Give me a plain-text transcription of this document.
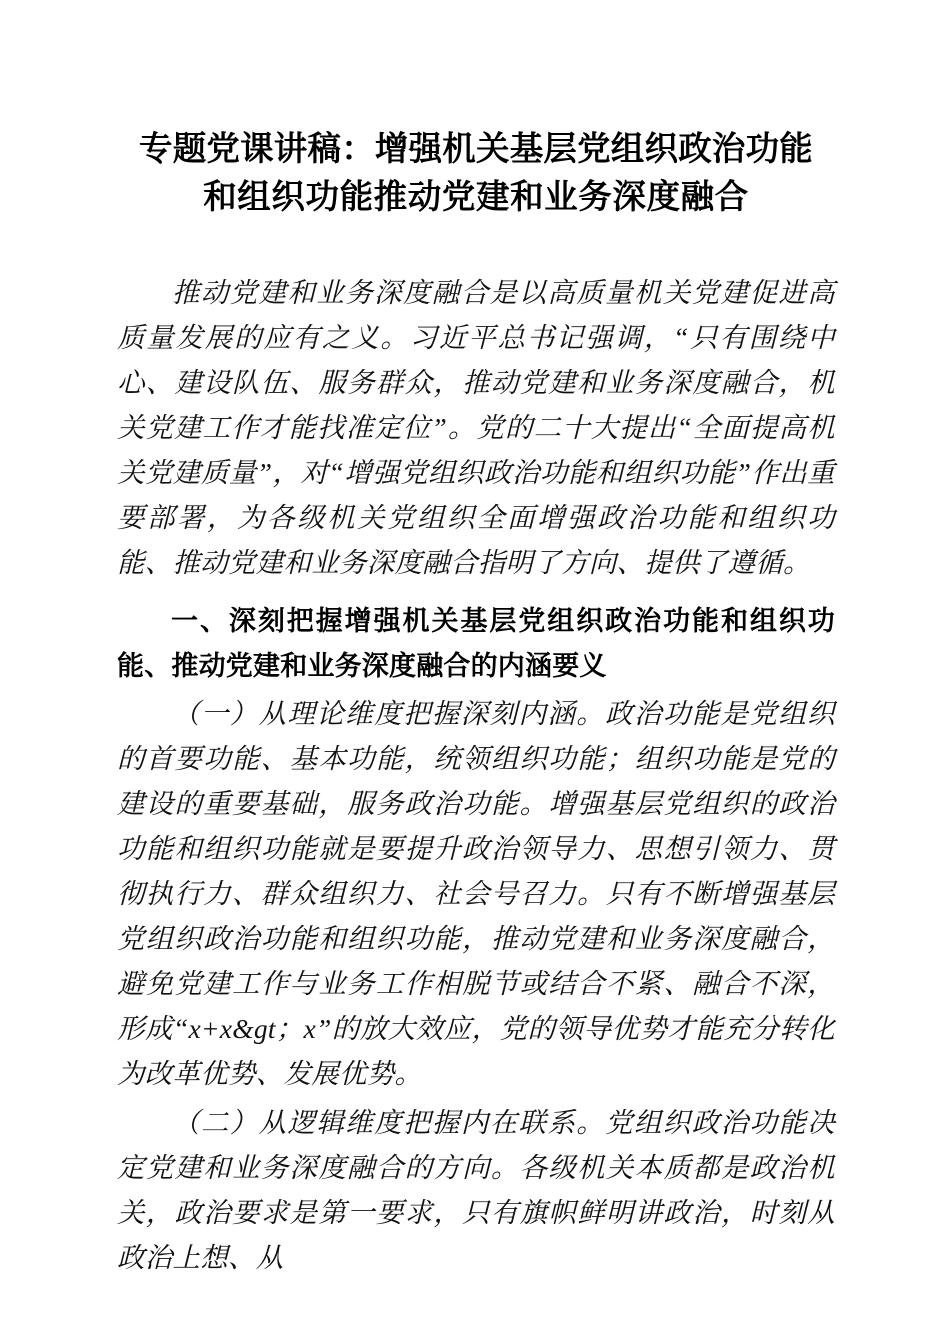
专题党课讲稿：增强机关基层党组织政治功能
和组织功能推动党建和业务深度融合

推动党建和业务深度融合是以高质量机关党建促进高质量发展的应有之义。习近平总书记强调，“只有围绕中心、建设队伍、服务群众，推动党建和业务深度融合，机关党建工作才能找准定位”。党的二十大提出“全面提高机关党建质量”，对“增强党组织政治功能和组织功能”作出重要部署，为各级机关党组织全面增强政治功能和组织功能、推动党建和业务深度融合指明了方向、提供了遵循。

一、深刻把握增强机关基层党组织政治功能和组织功能、推动党建和业务深度融合的内涵要义

（一）从理论维度把握深刻内涵。政治功能是党组织的首要功能、基本功能，统领组织功能；组织功能是党的建设的重要基础，服务政治功能。增强基层党组织的政治功能和组织功能就是要提升政治领导力、思想引领力、贯彻执行力、群众组织力、社会号召力。只有不断增强基层党组织政治功能和组织功能，推动党建和业务深度融合，避免党建工作与业务工作相脱节或结合不紧、融合不深，形成“x+x&gt；x”的放大效应，党的领导优势才能充分转化为改革优势、发展优势。

（二）从逻辑维度把握内在联系。党组织政治功能决定党建和业务深度融合的方向。各级机关本质都是政治机关，政治要求是第一要求，只有旗帜鲜明讲政治，时刻从政治上想、从
